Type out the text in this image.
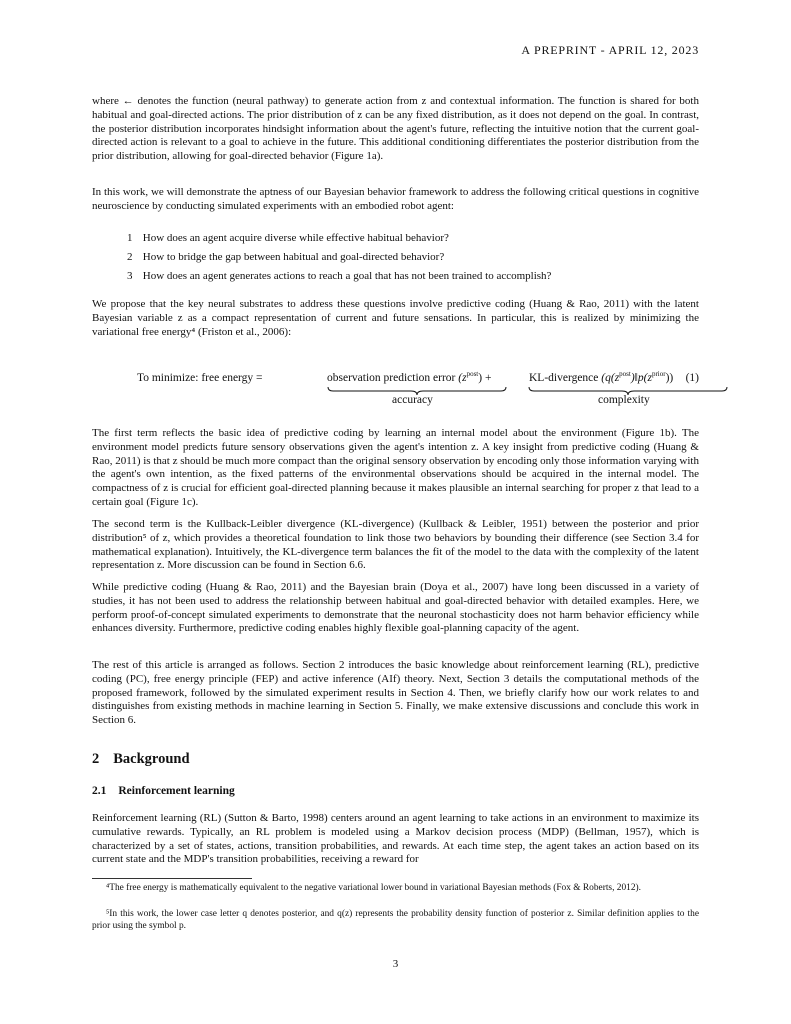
A PREPRINT - APRIL 12, 2023

where ← denotes the function (neural pathway) to generate action from z and contextual information. The function is shared for both habitual and goal-directed actions. The prior distribution of z can be any fixed distribution, as it does not depend on the goal. In contrast, the posterior distribution incorporates hindsight information about the agent's future, reflecting the intuitive notion that the current goal-directed action is relevant to a goal to achieve in the future. This additional conditioning differentiates the posterior distribution from the prior distribution, allowing for goal-directed behavior (Figure 1a).

In this work, we will demonstrate the aptness of our Bayesian behavior framework to address the following critical questions in cognitive neuroscience by conducting simulated experiments with an embodied robot agent:

1 How does an agent acquire diverse while effective habitual behavior?
2 How to bridge the gap between habitual and goal-directed behavior?
3 How does an agent generates actions to reach a goal that has not been trained to accomplish?

We propose that the key neural substrates to address these questions involve predictive coding (Huang & Rao, 2011) with the latent Bayesian variable z as a compact representation of current and future sensations. In particular, this is realized by minimizing the variational free energy⁴ (Friston et al., 2006):

To minimize: free energy =	observation prediction error $(z^{post})$ +	KL-divergence $(q(z^{post})‖p(z^{prior}))$ (1)
accuracy	complexity

The first term reflects the basic idea of predictive coding by learning an internal model about the environment (Figure 1b). The environment model predicts future sensory observations given the agent's intention z. A key insight from predictive coding (Huang & Rao, 2011) is that z should be much more compact than the original sensory observation by encoding only those information varying with the agent's own intention, as the fixed patterns of the environmental observations should be acquired in the internal model. The compactness of z is crucial for efficient goal-directed planning because it makes plausible an internal searching for proper z that lead to a certain goal (Figure 1c).

The second term is the Kullback-Leibler divergence (KL-divergence) (Kullback & Leibler, 1951) between the posterior and prior distribution⁵ of z, which provides a theoretical foundation to link those two behaviors by bounding their difference (see Section 3.4 for mathematical explanation). Intuitively, the KL-divergence term balances the fit of the model to the data with the complexity of the latent representation z. More discussion can be found in Section 6.6.

While predictive coding (Huang & Rao, 2011) and the Bayesian brain (Doya et al., 2007) have long been discussed in a variety of studies, it has not been used to address the relationship between habitual and goal-directed behavior with detailed examples. Here, we perform proof-of-concept simulated experiments to demonstrate that the neuronal stochasticity does not harm behavior efficiency while enhances diversity. Furthermore, predictive coding enables highly flexible goal-planning capacity of the agent.

The rest of this article is arranged as follows. Section 2 introduces the basic knowledge about reinforcement learning (RL), predictive coding (PC), free energy principle (FEP) and active inference (AIf) theory. Next, Section 3 details the computational methods of the proposed framework, followed by the simulated experiment results in Section 4. Then, we briefly clarify how our work relates to and distinguishes from existing methods in machine learning in Section 5. Finally, we make extensive discussions and conclude this work in Section 6.

2 Background
2.1 Reinforcement learning

Reinforcement learning (RL) (Sutton & Barto, 1998) centers around an agent learning to take actions in an environment to maximize its cumulative rewards. Typically, an RL problem is modeled using a Markov decision process (MDP) (Bellman, 1957), which is characterized by a set of states, actions, transition probabilities, and rewards. At each time step, the agent takes an action based on its current state and the MDP's transition probabilities, receiving a reward for

⁴The free energy is mathematically equivalent to the negative variational lower bound in variational Bayesian methods (Fox & Roberts, 2012).
⁵In this work, the lower case letter q denotes posterior, and q(z) represents the probability density function of posterior z. Similar definition applies to the prior using the symbol p.
3
